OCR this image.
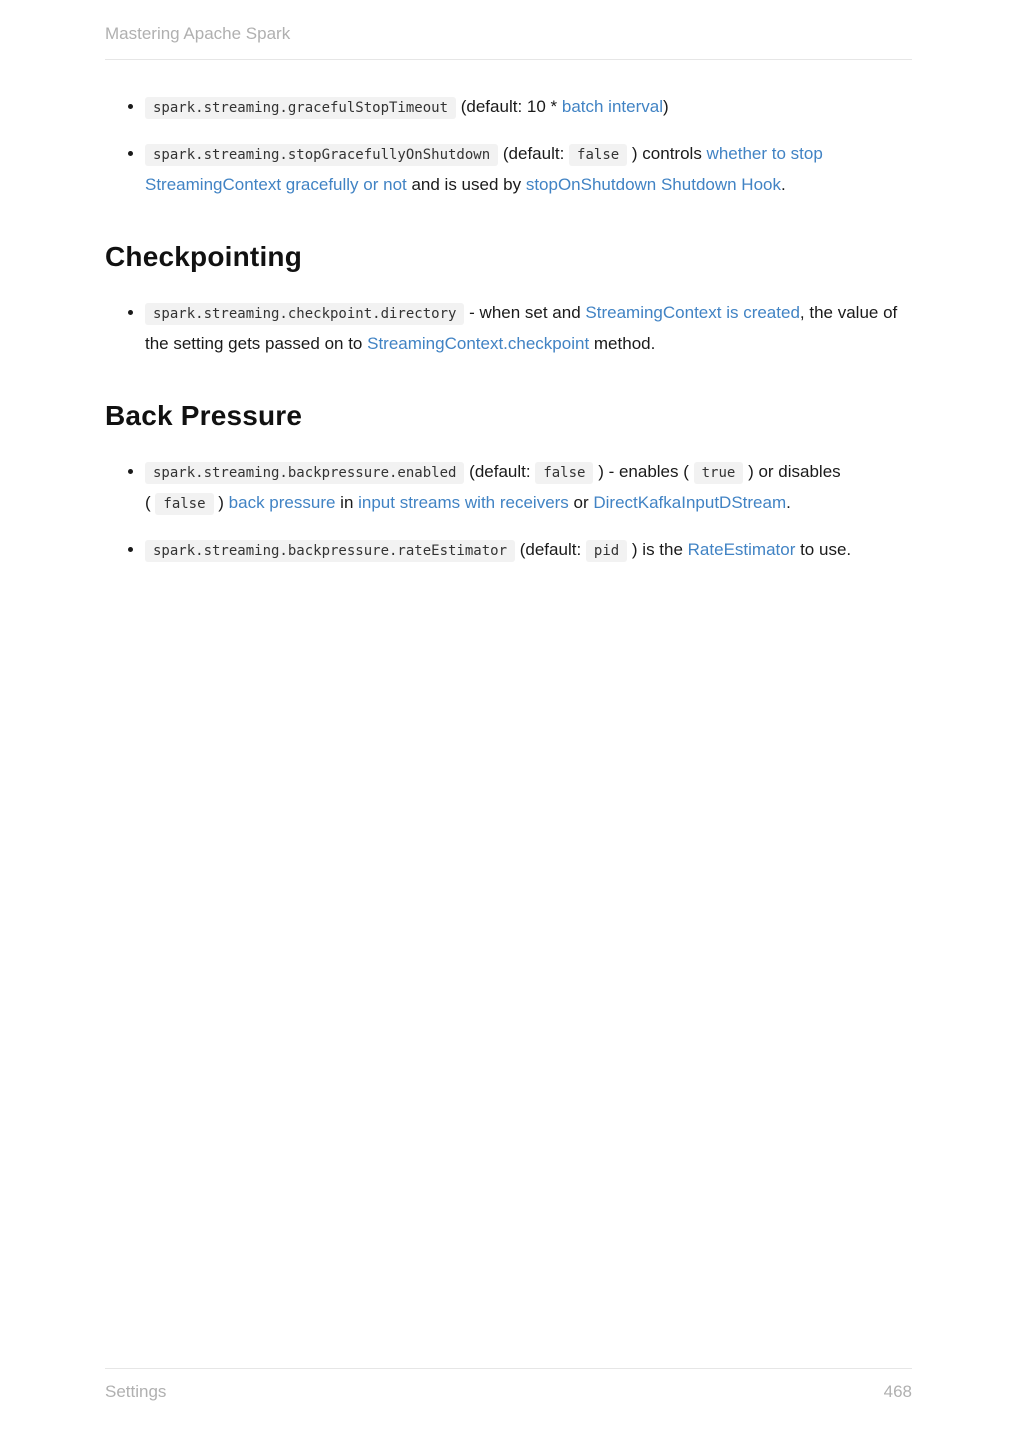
Mastering Apache Spark
• spark.streaming.gracefulStopTimeout (default: 10 * batch interval)
• spark.streaming.stopGracefullyOnShutdown (default: false ) controls whether to stop StreamingContext gracefully or not and is used by stopOnShutdown Shutdown Hook.
Checkpointing
• spark.streaming.checkpoint.directory - when set and StreamingContext is created, the value of the setting gets passed on to StreamingContext.checkpoint method.
Back Pressure
• spark.streaming.backpressure.enabled (default: false ) - enables ( true ) or disables ( false ) back pressure in input streams with receivers or DirectKafkaInputDStream.
• spark.streaming.backpressure.rateEstimator (default: pid ) is the RateEstimator to use.
Settings	468
